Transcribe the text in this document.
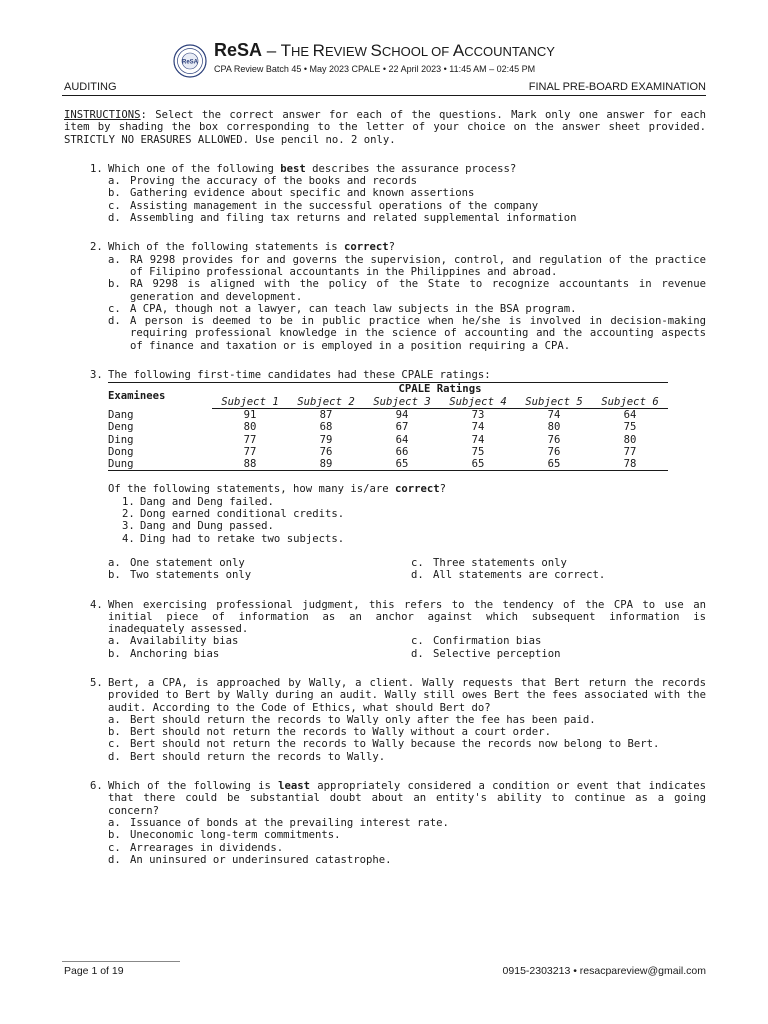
ReSA
ReSA – THE REVIEW SCHOOL OF ACCOUNTANCY
CPA Review Batch 45 • May 2023 CPALE • 22 April 2023 • 11:45 AM – 02:45 PM
AUDITING	FINAL PRE-BOARD EXAMINATION

INSTRUCTIONS: Select the correct answer for each of the questions. Mark only one answer for each item by shading the box corresponding to the letter of your choice on the answer sheet provided. STRICTLY NO ERASURES ALLOWED. Use pencil no. 2 only.

1. Which one of the following best describes the assurance process?
a. Proving the accuracy of the books and records
b. Gathering evidence about specific and known assertions
c. Assisting management in the successful operations of the company
d. Assembling and filing tax returns and related supplemental information
2. Which of the following statements is correct?
a. RA 9298 provides for and governs the supervision, control, and regulation of the practice of Filipino professional accountants in the Philippines and abroad.
b. RA 9298 is aligned with the policy of the State to recognize accountants in revenue generation and development.
c. A CPA, though not a lawyer, can teach law subjects in the BSA program.
d. A person is deemed to be in public practice when he/she is involved in decision-making requiring professional knowledge in the science of accounting and the accounting aspects of finance and taxation or is employed in a position requiring a CPA.
3. The following first-time candidates had these CPALE ratings:
Examinees	CPALE Ratings					
	Subject 1	Subject 2	Subject 3	Subject 4	Subject 5	Subject 6
Dang	91	87	94	73	74	64
Deng	80	68	67	74	80	75
Ding	77	79	64	74	76	80
Dong	77	76	66	75	76	77
Dung	88	89	65	65	65	78
Of the following statements, how many is/are correct?
1. Dang and Deng failed.
2. Dong earned conditional credits.
3. Dang and Dung passed.
4. Ding had to retake two subjects.
a. One statement only	c. Three statements only
b. Two statements only	d. All statements are correct.
4. When exercising professional judgment, this refers to the tendency of the CPA to use an initial piece of information as an anchor against which subsequent information is inadequately assessed.
a. Availability bias	c. Confirmation bias
b. Anchoring bias	d. Selective perception
5. Bert, a CPA, is approached by Wally, a client. Wally requests that Bert return the records provided to Bert by Wally during an audit. Wally still owes Bert the fees associated with the audit. According to the Code of Ethics, what should Bert do?
a. Bert should return the records to Wally only after the fee has been paid.
b. Bert should not return the records to Wally without a court order.
c. Bert should not return the records to Wally because the records now belong to Bert.
d. Bert should return the records to Wally.
6. Which of the following is least appropriately considered a condition or event that indicates that there could be substantial doubt about an entity's ability to continue as a going concern?
a. Issuance of bonds at the prevailing interest rate.
b. Uneconomic long-term commitments.
c. Arrearages in dividends.
d. An uninsured or underinsured catastrophe.
Page 1 of 19	0915-2303213 • resacpareview@gmail.com
